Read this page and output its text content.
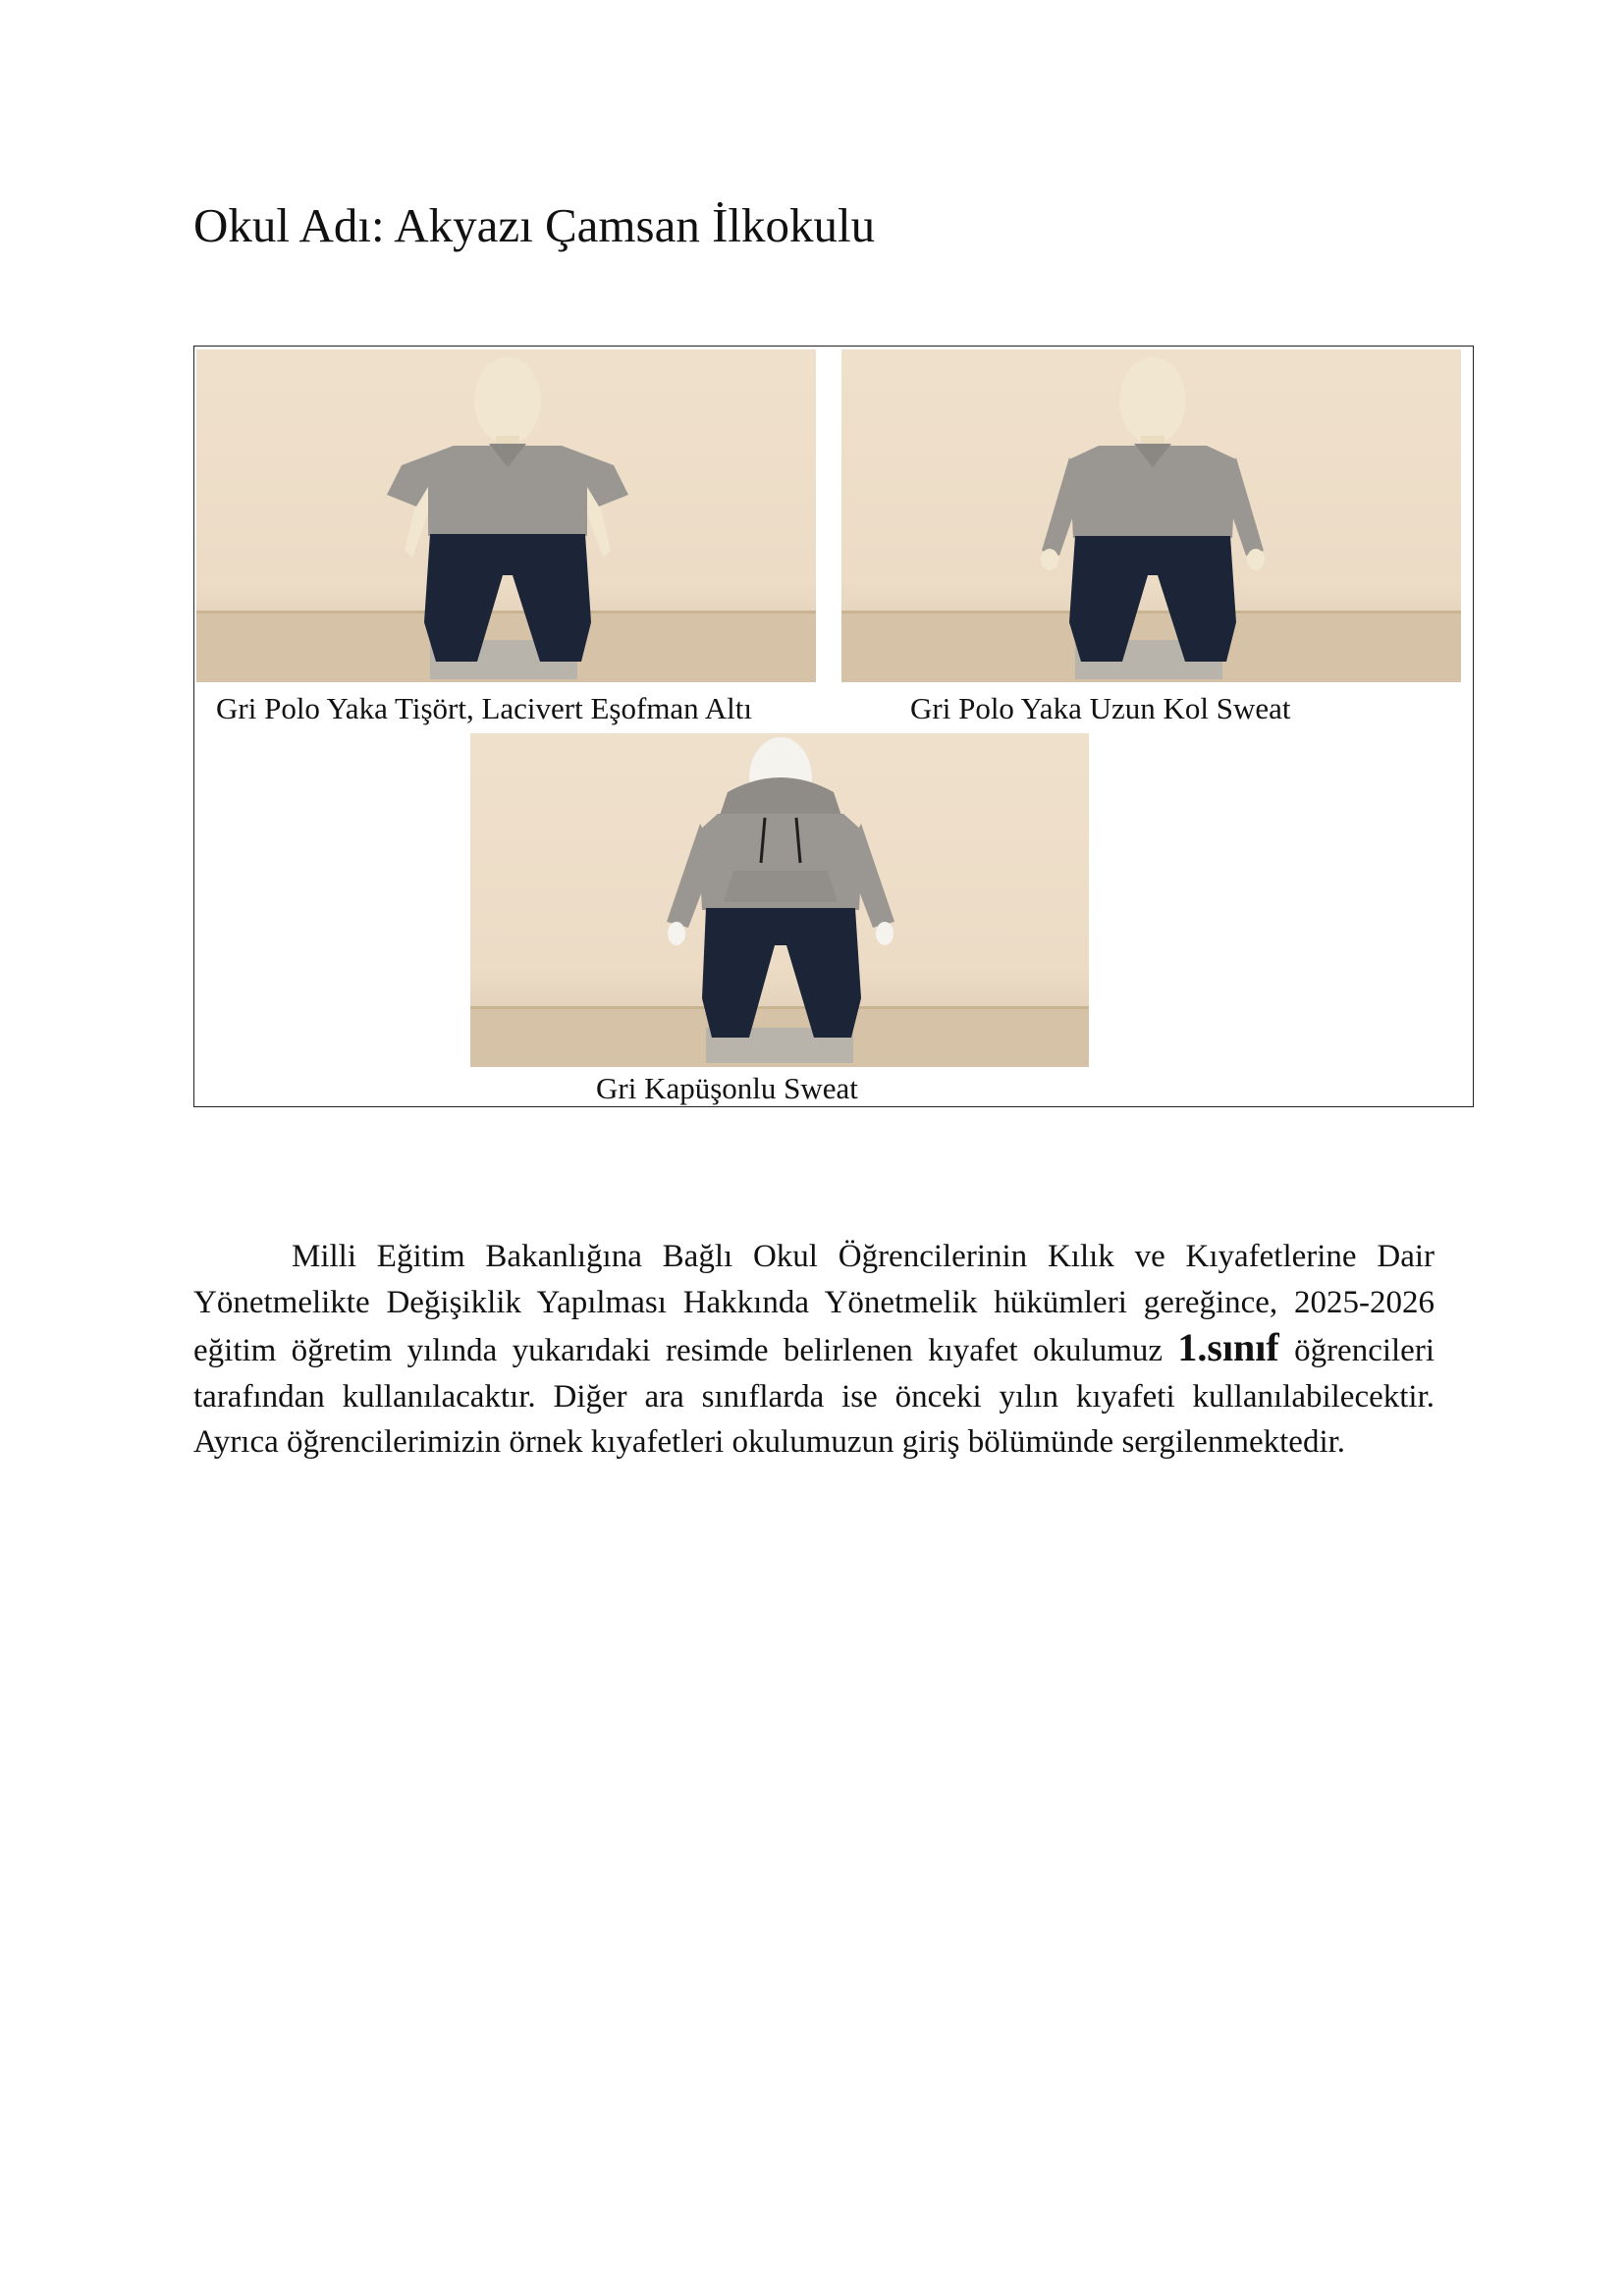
Okul Adı: Akyazı Çamsan İlkokulu
Gri Polo Yaka Tişört, Lacivert Eşofman Altı	Gri Polo Yaka Uzun Kol Sweat
Gri Kapüşonlu Sweat

Milli Eğitim Bakanlığına Bağlı Okul Öğrencilerinin Kılık ve Kıyafetlerine Dair Yönetmelikte Değişiklik Yapılması Hakkında Yönetmelik hükümleri gereğince, 2025-2026 eğitim öğretim yılında yukarıdaki resimde belirlenen kıyafet okulumuz 1.sınıf öğrencileri tarafından kullanılacaktır. Diğer ara sınıflarda ise önceki yılın kıyafeti kullanılabilecektir. Ayrıca öğrencilerimizin örnek kıyafetleri okulumuzun giriş bölümünde sergilenmektedir.
